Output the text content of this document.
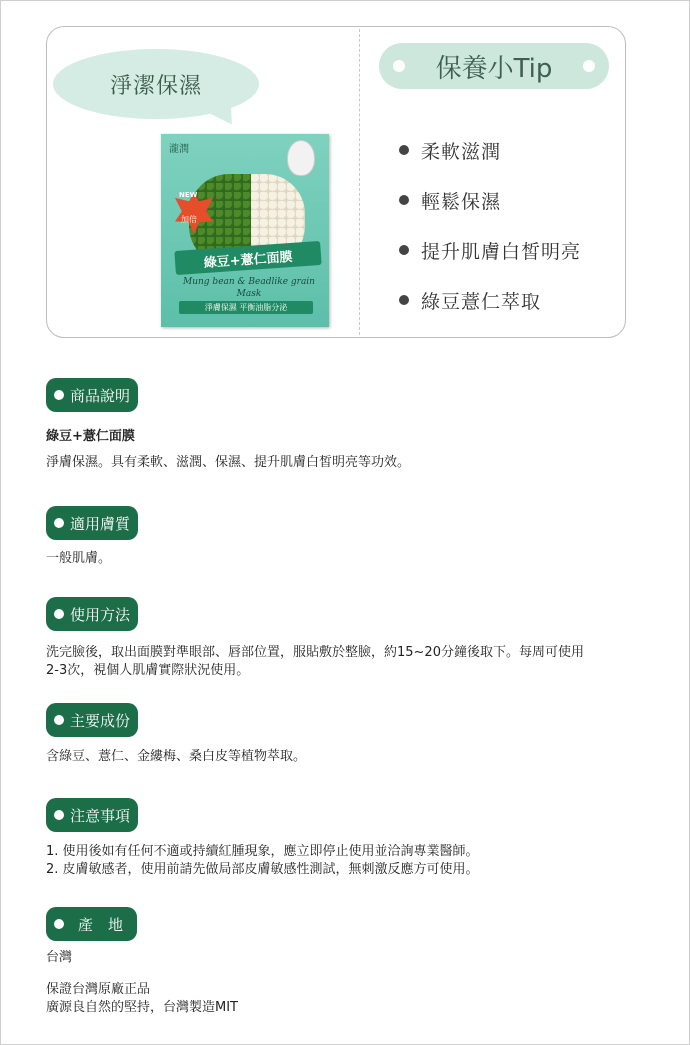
淨潔保濕
瀧潤
NEW
加倍
綠豆+薏仁面膜
Mung bean & Beadlike grain
Mask
淨膚保濕 平衡油脂分泌
保養小Tip
柔軟滋潤
輕鬆保濕
提升肌膚白皙明亮
綠豆薏仁萃取
商品說明

綠豆+薏仁面膜

淨膚保濕。具有柔軟、滋潤、保濕、提升肌膚白皙明亮等功效。

適用膚質

一般肌膚。

使用方法
洗完臉後，取出面膜對準眼部、唇部位置，服貼敷於整臉，約15~20分鐘後取下。每周可使用
2-3次，視個人肌膚實際狀況使用。
主要成份

含綠豆、薏仁、金縷梅、桑白皮等植物萃取。

注意事項
1. 使用後如有任何不適或持續紅腫現象，應立即停止使用並洽詢專業醫師。
2. 皮膚敏感者，使用前請先做局部皮膚敏感性測試，無刺激反應方可使用。
產　地

台灣

保證台灣原廠正品
廣源良自然的堅持，台灣製造MIT
